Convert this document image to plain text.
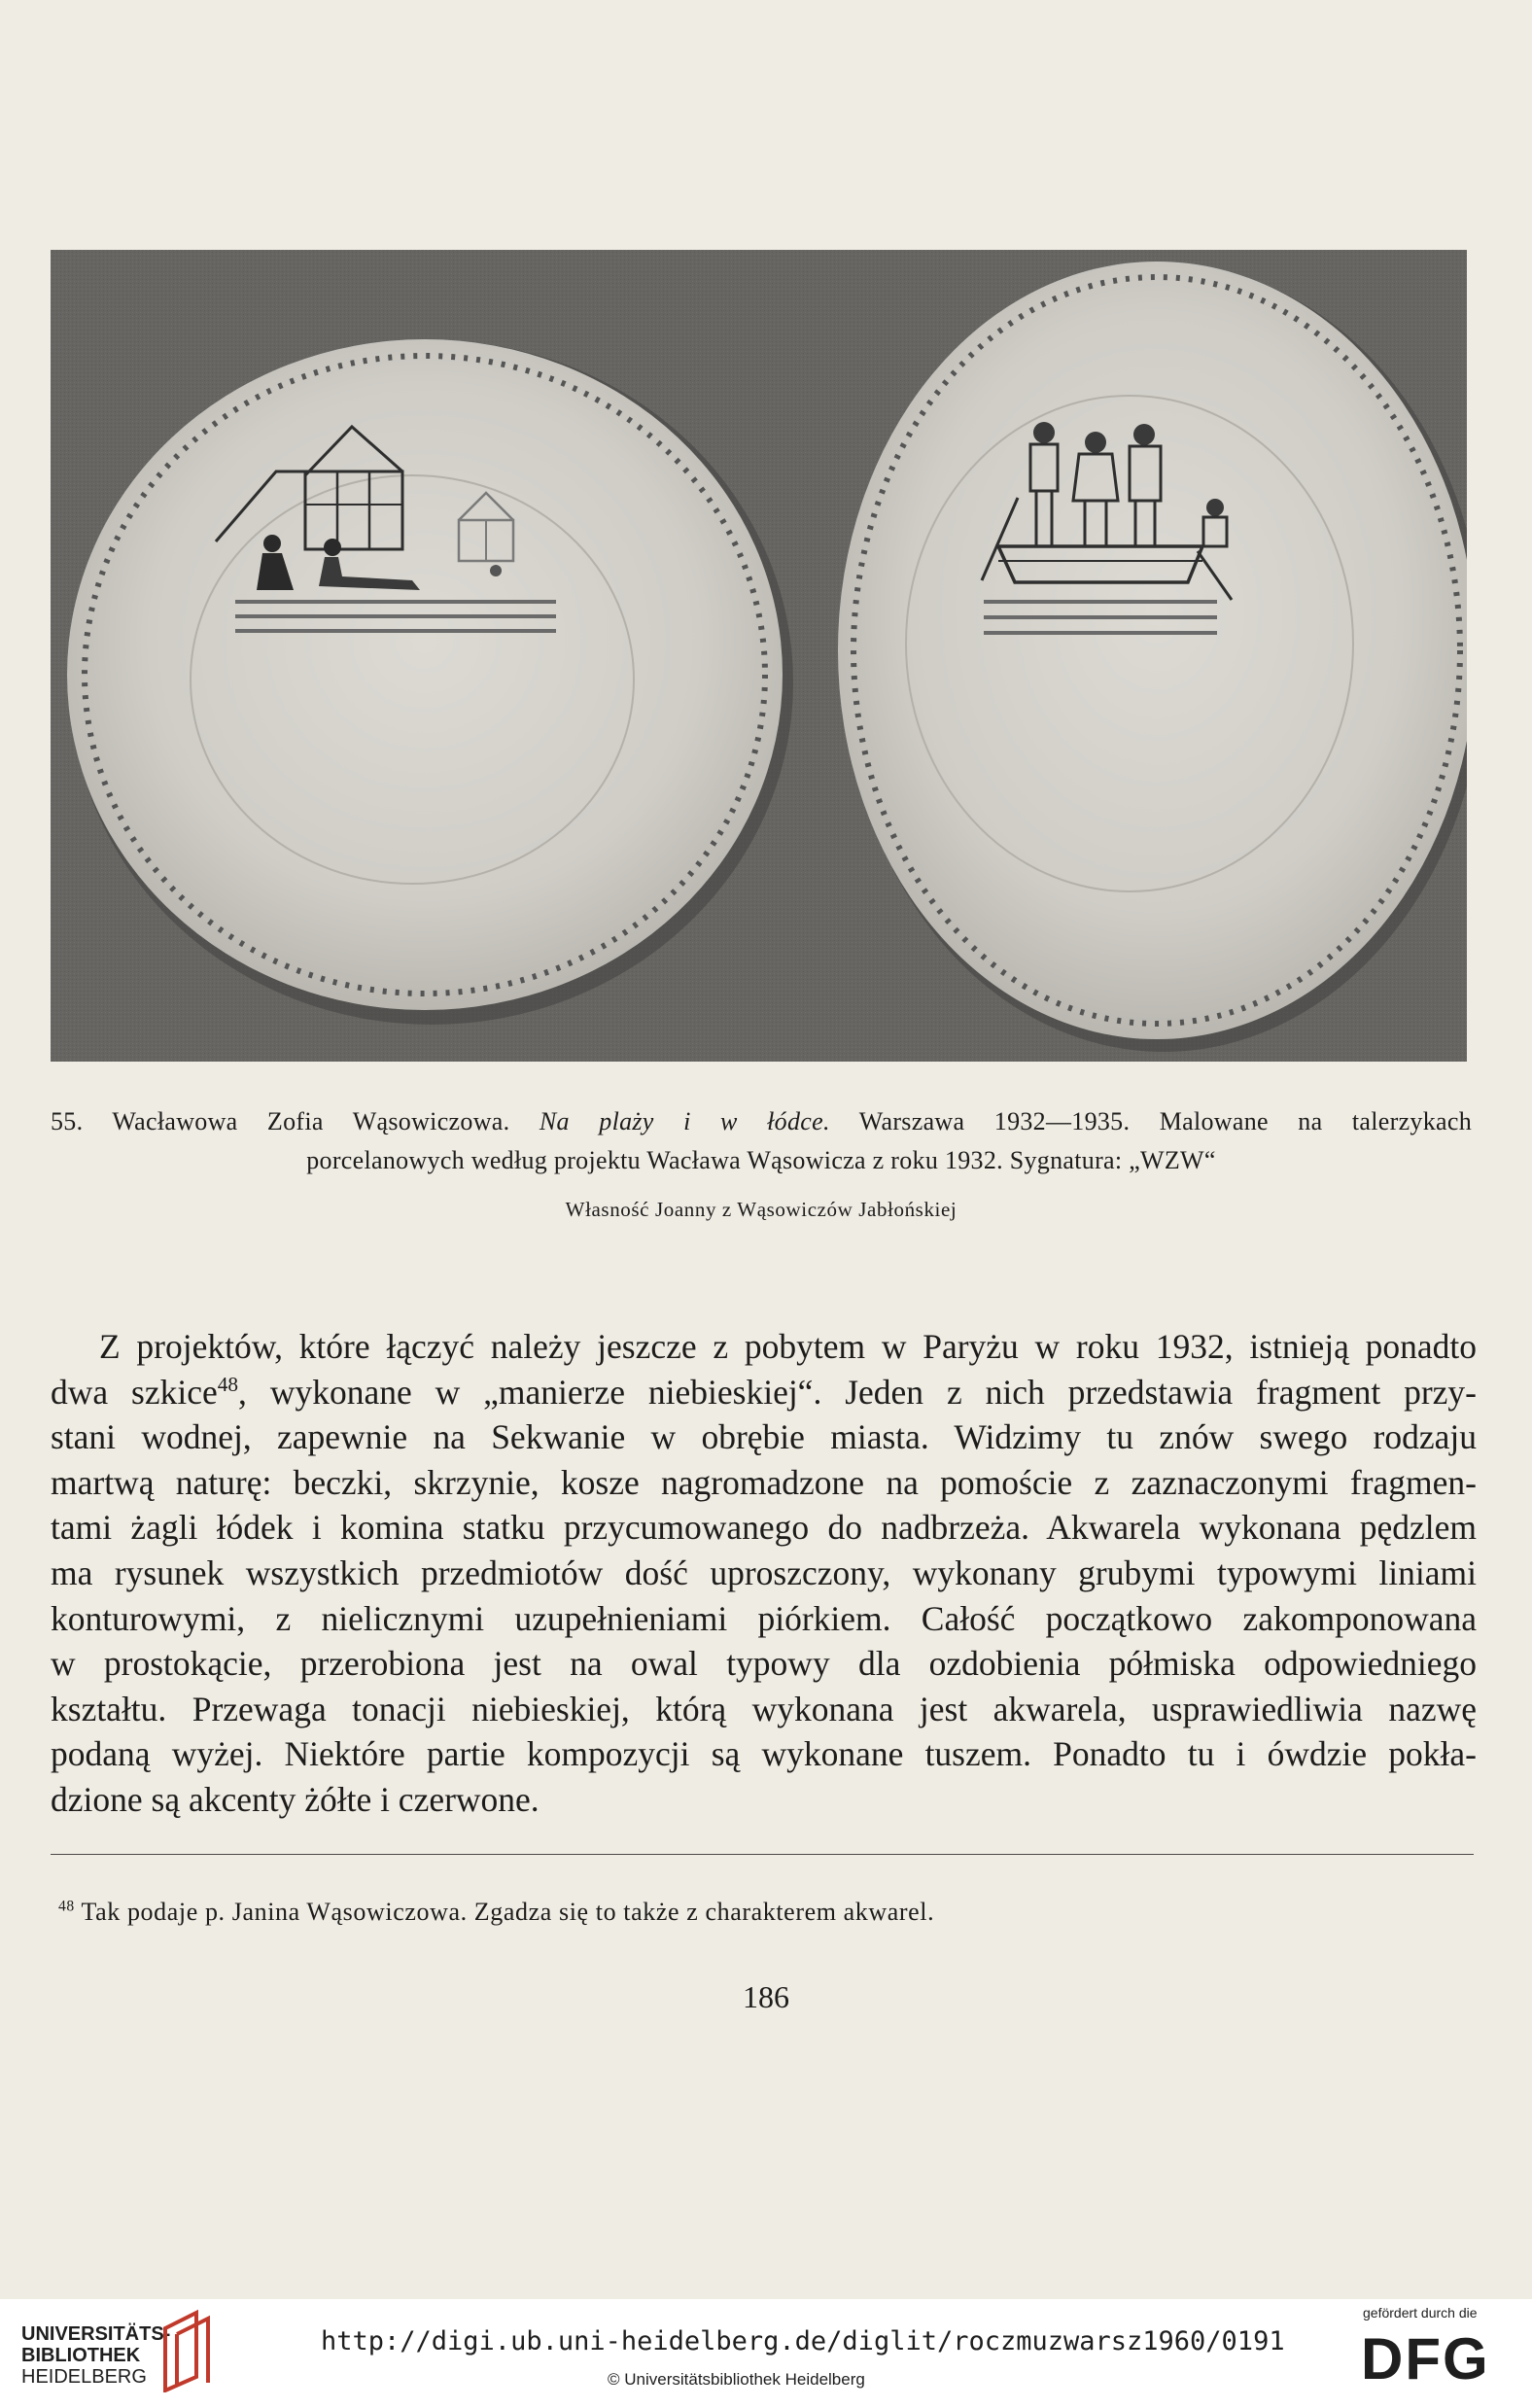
55. Wacławowa Zofia Wąsowiczowa. Na plaży i w łódce. Warszawa 1932—1935. Malowane na talerzykach
porcelanowych według projektu Wacława Wąsowicza z roku 1932. Sygnatura: „WZW“
Własność Joanny z Wąsowiczów Jabłońskiej
Z projektów, które łączyć należy jeszcze z pobytem w Paryżu w roku 1932, istnieją ponadto
dwa szkice$^{48}$, wykonane w „manierze niebieskiej“. Jeden z nich przedstawia fragment przy-
stani wodnej, zapewnie na Sekwanie w obrębie miasta. Widzimy tu znów swego rodzaju
martwą naturę: beczki, skrzynie, kosze nagromadzone na pomoście z zaznaczonymi fragmen-
tami żagli łódek i komina statku przycumowanego do nadbrzeża. Akwarela wykonana pędzlem
ma rysunek wszystkich przedmiotów dość uproszczony, wykonany grubymi typowymi liniami
konturowymi, z nielicznymi uzupełnieniami piórkiem. Całość początkowo zakomponowana
w prostokącie, przerobiona jest na owal typowy dla ozdobienia półmiska odpowiedniego
kształtu. Przewaga tonacji niebieskiej, którą wykonana jest akwarela, usprawiedliwia nazwę
podaną wyżej. Niektóre partie kompozycji są wykonane tuszem. Ponadto tu i ówdzie pokła-
dzione są akcenty żółte i czerwone.
$^{48}$ Tak podaje p. Janina Wąsowiczowa. Zgadza się to także z charakterem akwarel.
186
UNIVERSITÄTS-
BIBLIOTHEK
HEIDELBERG
http://digi.ub.uni-heidelberg.de/diglit/roczmuzwarsz1960/0191
© Universitätsbibliothek Heidelberg
gefördert durch die
DFG
